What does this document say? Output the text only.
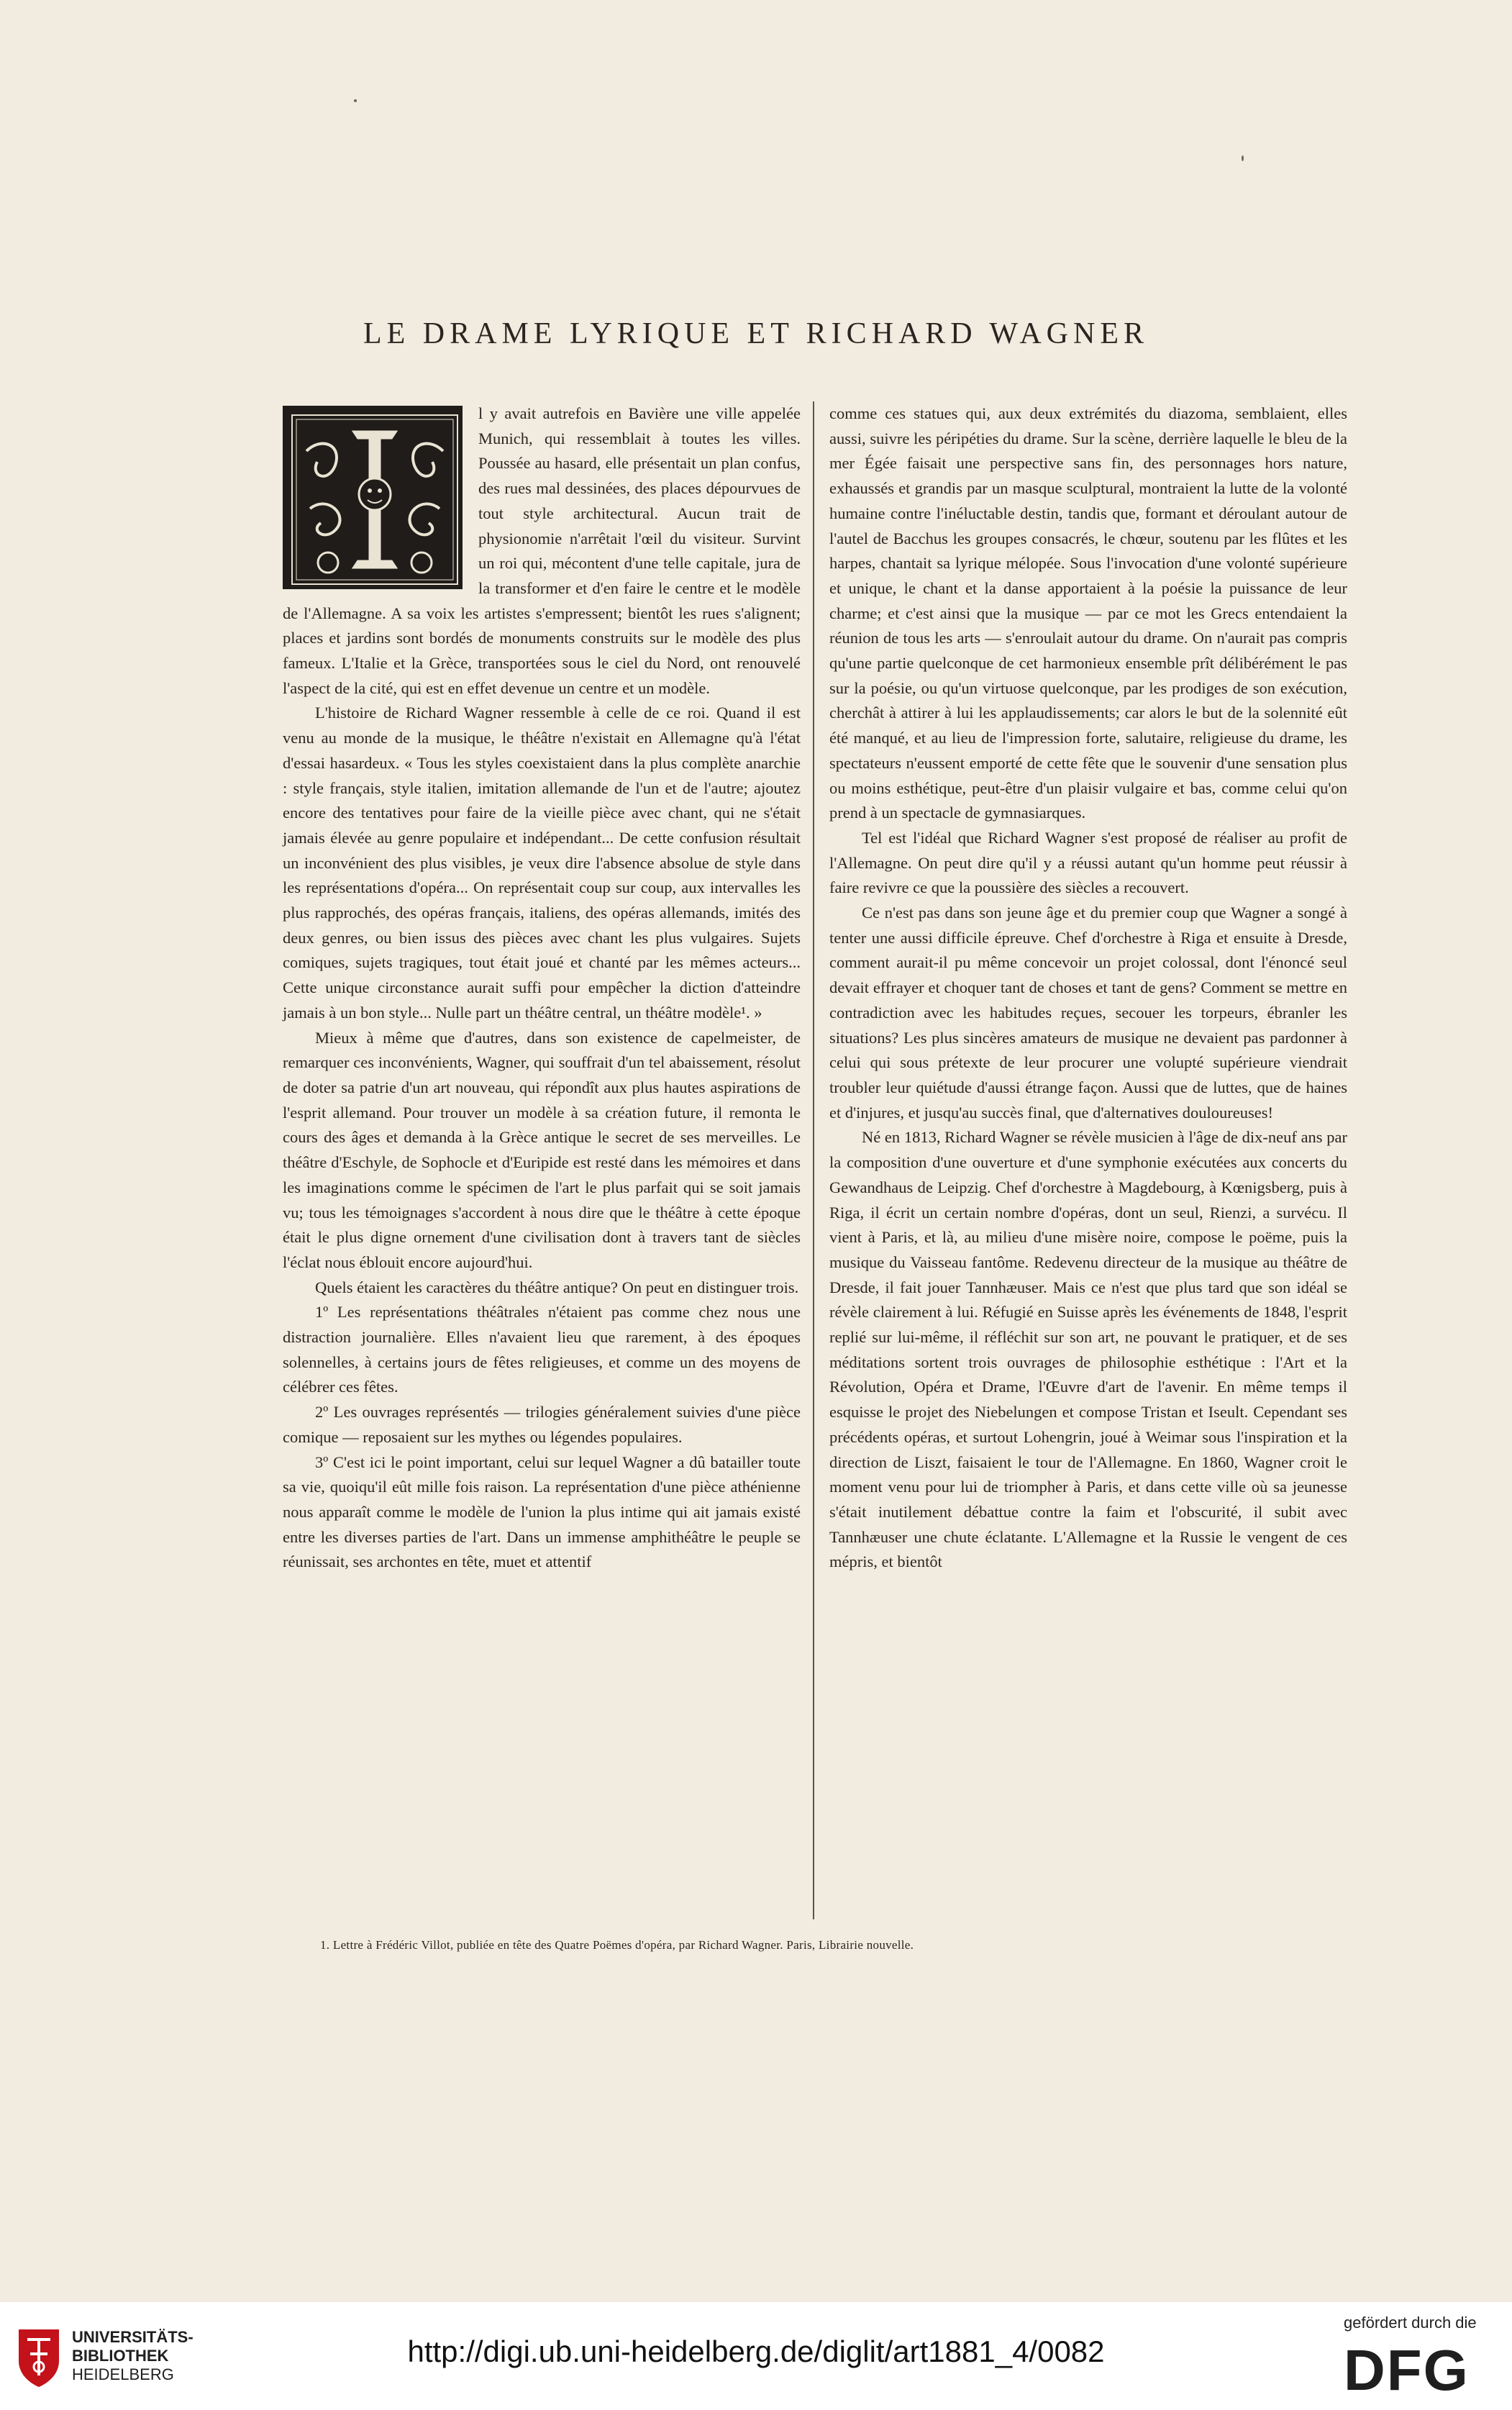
LE DRAME LYRIQUE ET RICHARD WAGNER

l y avait autrefois en Bavière une ville appelée Munich, qui ressemblait à toutes les villes. Poussée au hasard, elle présentait un plan confus, des rues mal dessinées, des places dépourvues de tout style architectural. Aucun trait de physionomie n'arrêtait l'œil du visiteur. Survint un roi qui, mécontent d'une telle capitale, jura de la transformer et d'en faire le centre et le modèle de l'Allemagne. A sa voix les artistes s'empressent; bientôt les rues s'alignent; places et jardins sont bordés de monuments construits sur le modèle des plus fameux. L'Italie et la Grèce, transportées sous le ciel du Nord, ont renouvelé l'aspect de la cité, qui est en effet devenue un centre et un modèle.

L'histoire de Richard Wagner ressemble à celle de ce roi. Quand il est venu au monde de la musique, le théâtre n'existait en Allemagne qu'à l'état d'essai hasardeux. « Tous les styles coexistaient dans la plus complète anarchie : style français, style italien, imitation allemande de l'un et de l'autre; ajoutez encore des tentatives pour faire de la vieille pièce avec chant, qui ne s'était jamais élevée au genre populaire et indépendant... De cette confusion résultait un inconvénient des plus visibles, je veux dire l'absence absolue de style dans les représentations d'opéra... On représentait coup sur coup, aux intervalles les plus rapprochés, des opéras français, italiens, des opéras allemands, imités des deux genres, ou bien issus des pièces avec chant les plus vulgaires. Sujets comiques, sujets tragiques, tout était joué et chanté par les mêmes acteurs... Cette unique circonstance aurait suffi pour empêcher la diction d'atteindre jamais à un bon style... Nulle part un théâtre central, un théâtre modèle¹. »

Mieux à même que d'autres, dans son existence de capelmeister, de remarquer ces inconvénients, Wagner, qui souffrait d'un tel abaissement, résolut de doter sa patrie d'un art nouveau, qui répondît aux plus hautes aspirations de l'esprit allemand. Pour trouver un modèle à sa création future, il remonta le cours des âges et demanda à la Grèce antique le secret de ses merveilles. Le théâtre d'Eschyle, de Sophocle et d'Euripide est resté dans les mémoires et dans les imaginations comme le spécimen de l'art le plus parfait qui se soit jamais vu; tous les témoignages s'accordent à nous dire que le théâtre à cette époque était le plus digne ornement d'une civilisation dont à travers tant de siècles l'éclat nous éblouit encore aujourd'hui.

Quels étaient les caractères du théâtre antique? On peut en distinguer trois.

1º Les représentations théâtrales n'étaient pas comme chez nous une distraction journalière. Elles n'avaient lieu que rarement, à des époques solennelles, à certains jours de fêtes religieuses, et comme un des moyens de célébrer ces fêtes.

2º Les ouvrages représentés — trilogies généralement suivies d'une pièce comique — reposaient sur les mythes ou légendes populaires.

3º C'est ici le point important, celui sur lequel Wagner a dû batailler toute sa vie, quoiqu'il eût mille fois raison. La représentation d'une pièce athénienne nous apparaît comme le modèle de l'union la plus intime qui ait jamais existé entre les diverses parties de l'art. Dans un immense amphithéâtre le peuple se réunissait, ses archontes en tête, muet et attentif

comme ces statues qui, aux deux extrémités du diazoma, semblaient, elles aussi, suivre les péripéties du drame. Sur la scène, derrière laquelle le bleu de la mer Égée faisait une perspective sans fin, des personnages hors nature, exhaussés et grandis par un masque sculptural, montraient la lutte de la volonté humaine contre l'inéluctable destin, tandis que, formant et déroulant autour de l'autel de Bacchus les groupes consacrés, le chœur, soutenu par les flûtes et les harpes, chantait sa lyrique mélopée. Sous l'invocation d'une volonté supérieure et unique, le chant et la danse apportaient à la poésie la puissance de leur charme; et c'est ainsi que la musique — par ce mot les Grecs entendaient la réunion de tous les arts — s'enroulait autour du drame. On n'aurait pas compris qu'une partie quelconque de cet harmonieux ensemble prît délibérément le pas sur la poésie, ou qu'un virtuose quelconque, par les prodiges de son exécution, cherchât à attirer à lui les applaudissements; car alors le but de la solennité eût été manqué, et au lieu de l'impression forte, salutaire, religieuse du drame, les spectateurs n'eussent emporté de cette fête que le souvenir d'une sensation plus ou moins esthétique, peut-être d'un plaisir vulgaire et bas, comme celui qu'on prend à un spectacle de gymnasiarques.

Tel est l'idéal que Richard Wagner s'est proposé de réaliser au profit de l'Allemagne. On peut dire qu'il y a réussi autant qu'un homme peut réussir à faire revivre ce que la poussière des siècles a recouvert.

Ce n'est pas dans son jeune âge et du premier coup que Wagner a songé à tenter une aussi difficile épreuve. Chef d'orchestre à Riga et ensuite à Dresde, comment aurait-il pu même concevoir un projet colossal, dont l'énoncé seul devait effrayer et choquer tant de choses et tant de gens? Comment se mettre en contradiction avec les habitudes reçues, secouer les torpeurs, ébranler les situations? Les plus sincères amateurs de musique ne devaient pas pardonner à celui qui sous prétexte de leur procurer une volupté supérieure viendrait troubler leur quiétude d'aussi étrange façon. Aussi que de luttes, que de haines et d'injures, et jusqu'au succès final, que d'alternatives douloureuses!

Né en 1813, Richard Wagner se révèle musicien à l'âge de dix-neuf ans par la composition d'une ouverture et d'une symphonie exécutées aux concerts du Gewandhaus de Leipzig. Chef d'orchestre à Magdebourg, à Kœnigsberg, puis à Riga, il écrit un certain nombre d'opéras, dont un seul, Rienzi, a survécu. Il vient à Paris, et là, au milieu d'une misère noire, compose le poëme, puis la musique du Vaisseau fantôme. Redevenu directeur de la musique au théâtre de Dresde, il fait jouer Tannhæuser. Mais ce n'est que plus tard que son idéal se révèle clairement à lui. Réfugié en Suisse après les événements de 1848, l'esprit replié sur lui-même, il réfléchit sur son art, ne pouvant le pratiquer, et de ses méditations sortent trois ouvrages de philosophie esthétique : l'Art et la Révolution, Opéra et Drame, l'Œuvre d'art de l'avenir. En même temps il esquisse le projet des Niebelungen et compose Tristan et Iseult. Cependant ses précédents opéras, et surtout Lohengrin, joué à Weimar sous l'inspiration et la direction de Liszt, faisaient le tour de l'Allemagne. En 1860, Wagner croit le moment venu pour lui de triompher à Paris, et dans cette ville où sa jeunesse s'était inutilement débattue contre la faim et l'obscurité, il subit avec Tannhæuser une chute éclatante. L'Allemagne et la Russie le vengent de ces mépris, et bientôt

1. Lettre à Frédéric Villot, publiée en tête des Quatre Poëmes d'opéra, par Richard Wagner. Paris, Librairie nouvelle.
UNIVERSITÄTS-
BIBLIOTHEK
HEIDELBERG
http://digi.ub.uni-heidelberg.de/diglit/art1881_4/0082
gefördert durch die
DFG
